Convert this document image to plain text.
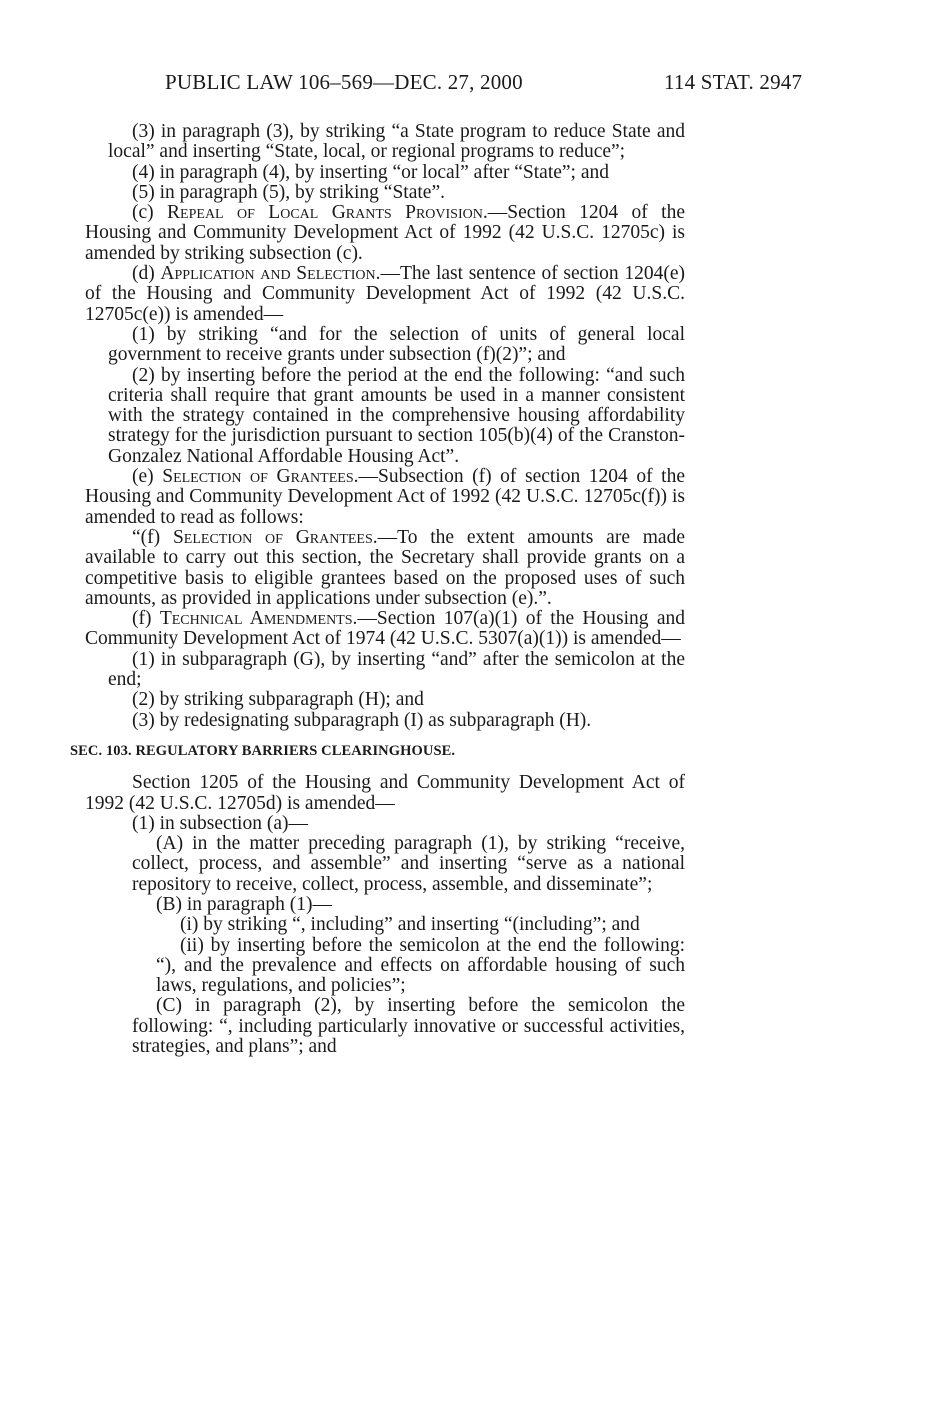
PUBLIC LAW 106–569—DEC. 27, 2000	114 STAT. 2947

(3) in paragraph (3), by striking “a State program to reduce State and local” and inserting “State, local, or regional programs to reduce”;

(4) in paragraph (4), by inserting “or local” after “State”; and

(5) in paragraph (5), by striking “State”.

(c) Repeal of Local Grants Provision.—Section 1204 of the Housing and Community Development Act of 1992 (42 U.S.C. 12705c) is amended by striking subsection (c).

(d) Application and Selection.—The last sentence of section 1204(e) of the Housing and Community Development Act of 1992 (42 U.S.C. 12705c(e)) is amended—

(1) by striking “and for the selection of units of general local government to receive grants under subsection (f)(2)”; and

(2) by inserting before the period at the end the following: “and such criteria shall require that grant amounts be used in a manner consistent with the strategy contained in the comprehensive housing affordability strategy for the jurisdiction pursuant to section 105(b)(4) of the Cranston-Gonzalez National Affordable Housing Act”.

(e) Selection of Grantees.—Subsection (f) of section 1204 of the Housing and Community Development Act of 1992 (42 U.S.C. 12705c(f)) is amended to read as follows:

“(f) Selection of Grantees.—To the extent amounts are made available to carry out this section, the Secretary shall provide grants on a competitive basis to eligible grantees based on the proposed uses of such amounts, as provided in applications under subsection (e).”.

(f) Technical Amendments.—Section 107(a)(1) of the Housing and Community Development Act of 1974 (42 U.S.C. 5307(a)(1)) is amended—

(1) in subparagraph (G), by inserting “and” after the semicolon at the end;

(2) by striking subparagraph (H); and

(3) by redesignating subparagraph (I) as subparagraph (H).

SEC. 103. REGULATORY BARRIERS CLEARINGHOUSE.

Section 1205 of the Housing and Community Development Act of 1992 (42 U.S.C. 12705d) is amended—

(1) in subsection (a)—

(A) in the matter preceding paragraph (1), by striking “receive, collect, process, and assemble” and inserting “serve as a national repository to receive, collect, process, assemble, and disseminate”;

(B) in paragraph (1)—

(i) by striking “, including” and inserting “(including”; and

(ii) by inserting before the semicolon at the end the following: “), and the prevalence and effects on affordable housing of such laws, regulations, and policies”;

(C) in paragraph (2), by inserting before the semicolon the following: “, including particularly innovative or successful activities, strategies, and plans”; and
